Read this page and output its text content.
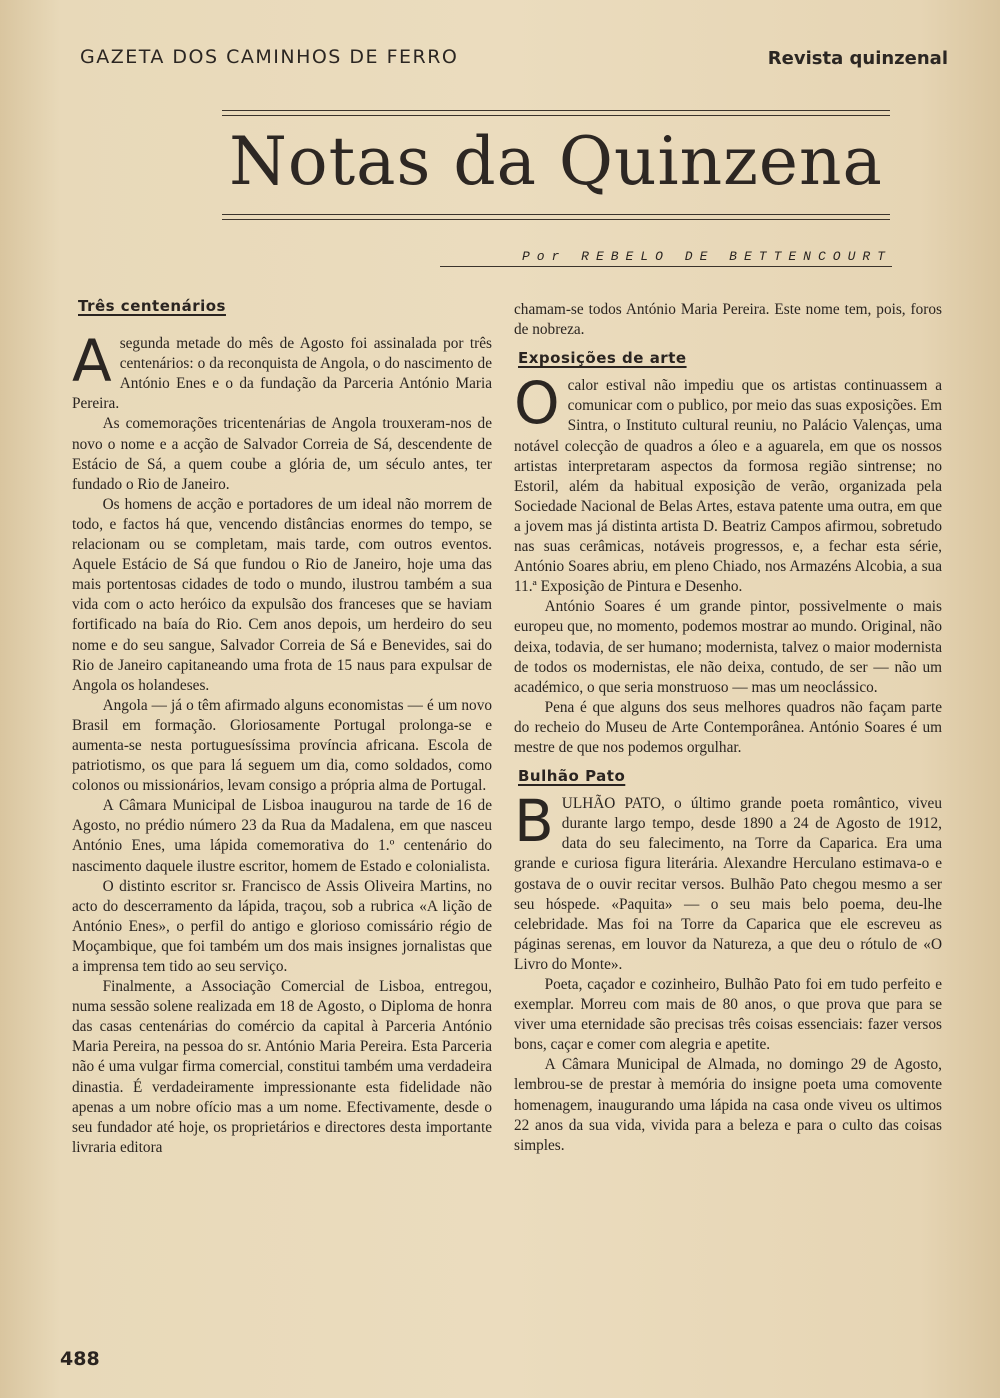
GAZETA DOS CAMINHOS DE FERRO	Revista quinzenal
Notas da Quinzena
Por REBELO DE BETTENCOURT
Três centenários

Asegunda metade do mês de Agosto foi assinalada por três centenários: o da reconquista de Angola, o do nascimento de António Enes e o da fundação da Parceria António Maria Pereira.

As comemorações tricentenárias de Angola trouxeram-nos de novo o nome e a acção de Salvador Correia de Sá, descendente de Estácio de Sá, a quem coube a glória de, um século antes, ter fundado o Rio de Janeiro.

Os homens de acção e portadores de um ideal não morrem de todo, e factos há que, vencendo distâncias enormes do tempo, se relacionam ou se completam, mais tarde, com outros eventos. Aquele Estácio de Sá que fundou o Rio de Janeiro, hoje uma das mais portentosas cidades de todo o mundo, ilustrou também a sua vida com o acto heróico da expulsão dos franceses que se haviam fortificado na baía do Rio. Cem anos depois, um herdeiro do seu nome e do seu sangue, Salvador Correia de Sá e Benevides, sai do Rio de Janeiro capitaneando uma frota de 15 naus para expulsar de Angola os holandeses.

Angola — já o têm afirmado alguns economistas — é um novo Brasil em formação. Gloriosamente Portugal prolonga-se e aumenta-se nesta portuguesíssima província africana. Escola de patriotismo, os que para lá seguem um dia, como soldados, como colonos ou missionários, levam consigo a própria alma de Portugal.

A Câmara Municipal de Lisboa inaugurou na tarde de 16 de Agosto, no prédio número 23 da Rua da Madalena, em que nasceu António Enes, uma lápida comemorativa do 1.º centenário do nascimento daquele ilustre escritor, homem de Estado e colonialista.

O distinto escritor sr. Francisco de Assis Oliveira Martins, no acto do descerramento da lápida, traçou, sob a rubrica «A lição de António Enes», o perfil do antigo e glorioso comissário régio de Moçambique, que foi também um dos mais insignes jornalistas que a imprensa tem tido ao seu serviço.

Finalmente, a Associação Comercial de Lisboa, entregou, numa sessão solene realizada em 18 de Agosto, o Diploma de honra das casas centenárias do comércio da capital à Parceria António Maria Pereira, na pessoa do sr. António Maria Pereira. Esta Parceria não é uma vulgar firma comercial, constitui também uma verdadeira dinastia. É verdadeiramente impressionante esta fidelidade não apenas a um nobre ofício mas a um nome. Efectivamente, desde o seu fundador até hoje, os proprietários e directores desta importante livraria editora

chamam-se todos António Maria Pereira. Este nome tem, pois, foros de nobreza.

Exposições de arte

Ocalor estival não impediu que os artistas continuassem a comunicar com o publico, por meio das suas exposições. Em Sintra, o Instituto cultural reuniu, no Palácio Valenças, uma notável colecção de quadros a óleo e a aguarela, em que os nossos artistas interpretaram aspectos da formosa região sintrense; no Estoril, além da habitual exposição de verão, organizada pela Sociedade Nacional de Belas Artes, estava patente uma outra, em que a jovem mas já distinta artista D. Beatriz Campos afirmou, sobretudo nas suas cerâmicas, notáveis progressos, e, a fechar esta série, António Soares abriu, em pleno Chiado, nos Armazéns Alcobia, a sua 11.ª Exposição de Pintura e Desenho.

António Soares é um grande pintor, possivelmente o mais europeu que, no momento, podemos mostrar ao mundo. Original, não deixa, todavia, de ser humano; modernista, talvez o maior modernista de todos os modernistas, ele não deixa, contudo, de ser — não um académico, o que seria monstruoso — mas um neoclássico.

Pena é que alguns dos seus melhores quadros não façam parte do recheio do Museu de Arte Contemporânea. António Soares é um mestre de que nos podemos orgulhar.

Bulhão Pato

BULHÃO PATO, o último grande poeta romântico, viveu durante largo tempo, desde 1890 a 24 de Agosto de 1912, data do seu falecimento, na Torre da Caparica. Era uma grande e curiosa figura literária. Alexandre Herculano estimava-o e gostava de o ouvir recitar versos. Bulhão Pato chegou mesmo a ser seu hóspede. «Paquita» — o seu mais belo poema, deu-lhe celebridade. Mas foi na Torre da Caparica que ele escreveu as páginas serenas, em louvor da Natureza, a que deu o rótulo de «O Livro do Monte».

Poeta, caçador e cozinheiro, Bulhão Pato foi em tudo perfeito e exemplar. Morreu com mais de 80 anos, o que prova que para se viver uma eternidade são precisas três coisas essenciais: fazer versos bons, caçar e comer com alegria e apetite.

A Câmara Municipal de Almada, no domingo 29 de Agosto, lembrou-se de prestar à memória do insigne poeta uma comovente homenagem, inaugurando uma lápida na casa onde viveu os ultimos 22 anos da sua vida, vivida para a beleza e para o culto das coisas simples.

488
